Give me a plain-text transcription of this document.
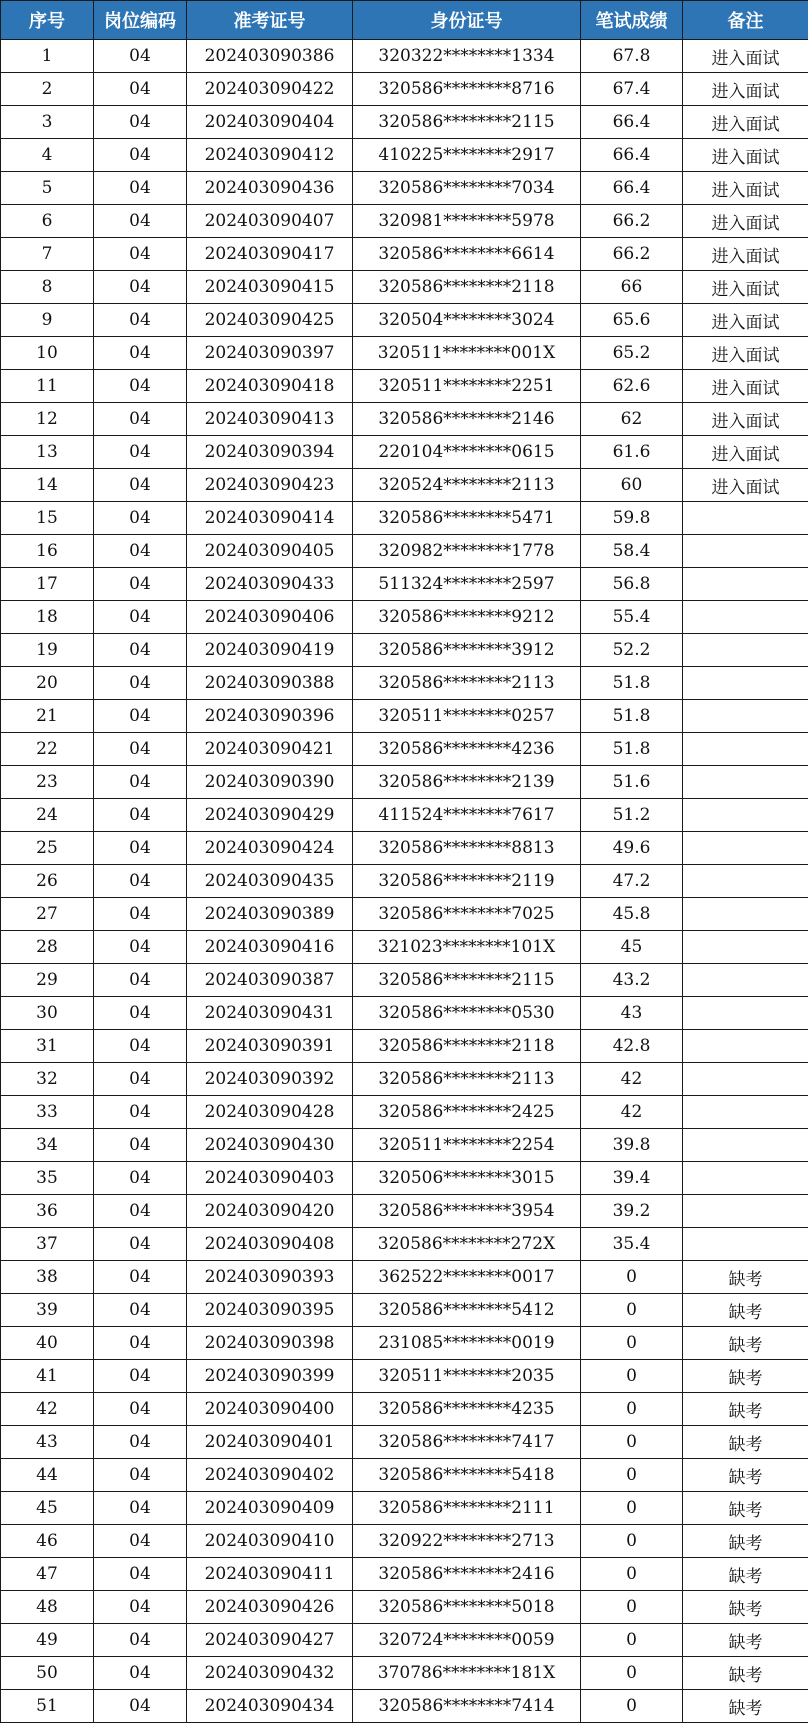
序号	岗位编码	准考证号	身份证号	笔试成绩	备注
1	04	202403090386	320322********1334	67.8	进入面试
2	04	202403090422	320586********8716	67.4	进入面试
3	04	202403090404	320586********2115	66.4	进入面试
4	04	202403090412	410225********2917	66.4	进入面试
5	04	202403090436	320586********7034	66.4	进入面试
6	04	202403090407	320981********5978	66.2	进入面试
7	04	202403090417	320586********6614	66.2	进入面试
8	04	202403090415	320586********2118	66	进入面试
9	04	202403090425	320504********3024	65.6	进入面试
10	04	202403090397	320511********001X	65.2	进入面试
11	04	202403090418	320511********2251	62.6	进入面试
12	04	202403090413	320586********2146	62	进入面试
13	04	202403090394	220104********0615	61.6	进入面试
14	04	202403090423	320524********2113	60	进入面试
15	04	202403090414	320586********5471	59.8	
16	04	202403090405	320982********1778	58.4	
17	04	202403090433	511324********2597	56.8	
18	04	202403090406	320586********9212	55.4	
19	04	202403090419	320586********3912	52.2	
20	04	202403090388	320586********2113	51.8	
21	04	202403090396	320511********0257	51.8	
22	04	202403090421	320586********4236	51.8	
23	04	202403090390	320586********2139	51.6	
24	04	202403090429	411524********7617	51.2	
25	04	202403090424	320586********8813	49.6	
26	04	202403090435	320586********2119	47.2	
27	04	202403090389	320586********7025	45.8	
28	04	202403090416	321023********101X	45	
29	04	202403090387	320586********2115	43.2	
30	04	202403090431	320586********0530	43	
31	04	202403090391	320586********2118	42.8	
32	04	202403090392	320586********2113	42	
33	04	202403090428	320586********2425	42	
34	04	202403090430	320511********2254	39.8	
35	04	202403090403	320506********3015	39.4	
36	04	202403090420	320586********3954	39.2	
37	04	202403090408	320586********272X	35.4	
38	04	202403090393	362522********0017	0	缺考
39	04	202403090395	320586********5412	0	缺考
40	04	202403090398	231085********0019	0	缺考
41	04	202403090399	320511********2035	0	缺考
42	04	202403090400	320586********4235	0	缺考
43	04	202403090401	320586********7417	0	缺考
44	04	202403090402	320586********5418	0	缺考
45	04	202403090409	320586********2111	0	缺考
46	04	202403090410	320922********2713	0	缺考
47	04	202403090411	320586********2416	0	缺考
48	04	202403090426	320586********5018	0	缺考
49	04	202403090427	320724********0059	0	缺考
50	04	202403090432	370786********181X	0	缺考
51	04	202403090434	320586********7414	0	缺考
